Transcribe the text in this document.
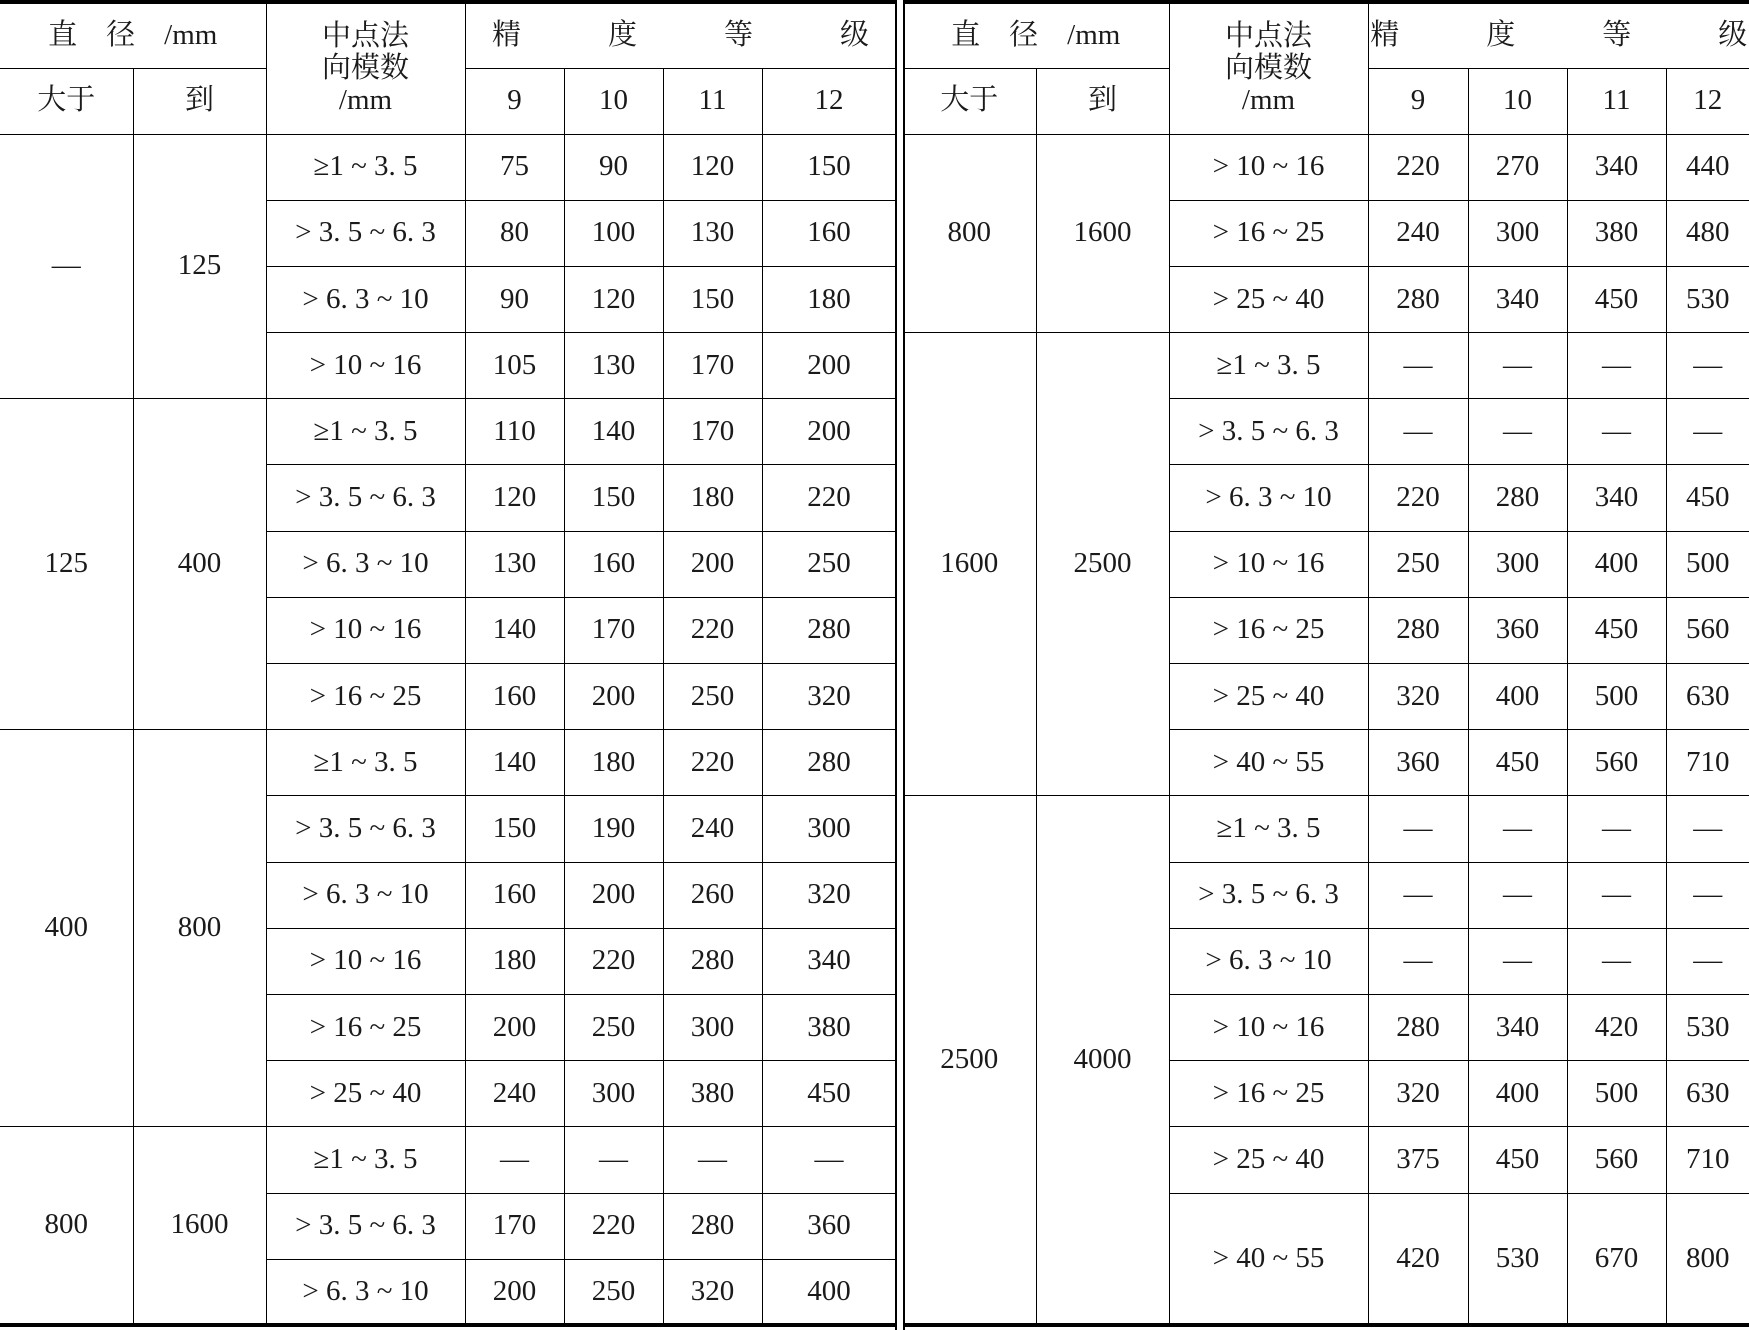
直　径　/mm		中点法
向模数
/mm	精　　　度　　　等　　　级			
大于	到		9	10	11	12
—	125	≥1 ~ 3. 5	75	90	120	150
		> 3. 5 ~ 6. 3	80	100	130	160
		> 6. 3 ~ 10	90	120	150	180
		> 10 ~ 16	105	130	170	200
125	400	≥1 ~ 3. 5	110	140	170	200
		> 3. 5 ~ 6. 3	120	150	180	220
		> 6. 3 ~ 10	130	160	200	250
		> 10 ~ 16	140	170	220	280
		> 16 ~ 25	160	200	250	320
400	800	≥1 ~ 3. 5	140	180	220	280
		> 3. 5 ~ 6. 3	150	190	240	300
		> 6. 3 ~ 10	160	200	260	320
		> 10 ~ 16	180	220	280	340
		> 16 ~ 25	200	250	300	380
		> 25 ~ 40	240	300	380	450
800	1600	≥1 ~ 3. 5	—	—	—	—
		> 3. 5 ~ 6. 3	170	220	280	360
		> 6. 3 ~ 10	200	250	320	400
直　径　/mm		中点法
向模数
/mm	精　　　度　　　等　　　级			
大于	到		9	10	11	12
800	1600	> 10 ~ 16	220	270	340	440
		> 16 ~ 25	240	300	380	480
		> 25 ~ 40	280	340	450	530
1600	2500	≥1 ~ 3. 5	—	—	—	—
		> 3. 5 ~ 6. 3	—	—	—	—
		> 6. 3 ~ 10	220	280	340	450
		> 10 ~ 16	250	300	400	500
		> 16 ~ 25	280	360	450	560
		> 25 ~ 40	320	400	500	630
		> 40 ~ 55	360	450	560	710
2500	4000	≥1 ~ 3. 5	—	—	—	—
		> 3. 5 ~ 6. 3	—	—	—	—
		> 6. 3 ~ 10	—	—	—	—
		> 10 ~ 16	280	340	420	530
		> 16 ~ 25	320	400	500	630
		> 25 ~ 40	375	450	560	710
		> 40 ~ 55	420	530	670	800
